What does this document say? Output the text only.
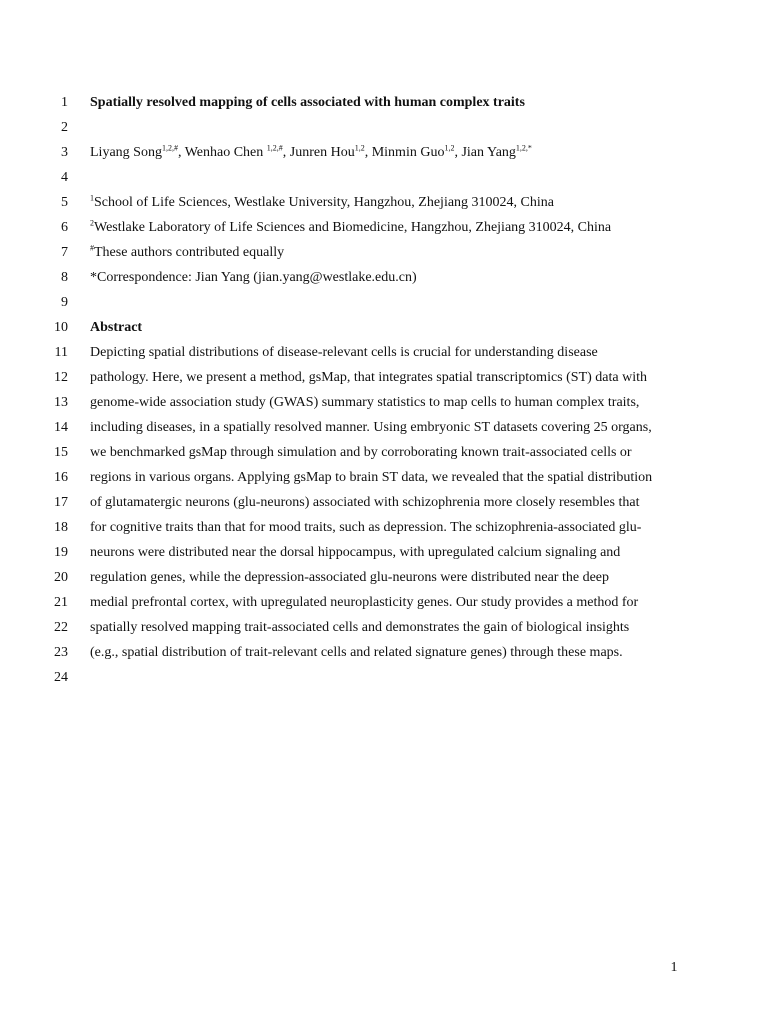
1
2
3
4
5
6
7
8
9
10
11
12
13
14
15
16
17
18
19
20
21
22
23
24
Spatially resolved mapping of cells associated with human complex traits
Liyang Song$^{1,2,\#}$, Wenhao Chen $^{1,2,\#}$, Junren Hou$^{1,2}$, Minmin Guo$^{1,2}$, Jian Yang$^{1,2,*}$
$^1$School of Life Sciences, Westlake University, Hangzhou, Zhejiang 310024, China
$^2$Westlake Laboratory of Life Sciences and Biomedicine, Hangzhou, Zhejiang 310024, China
#These authors contributed equally
*Correspondence: Jian Yang (jian.yang@westlake.edu.cn)
Abstract
Depicting spatial distributions of disease-relevant cells is crucial for understanding disease
pathology. Here, we present a method, gsMap, that integrates spatial transcriptomics (ST) data with
genome-wide association study (GWAS) summary statistics to map cells to human complex traits,
including diseases, in a spatially resolved manner. Using embryonic ST datasets covering 25 organs,
we benchmarked gsMap through simulation and by corroborating known trait-associated cells or
regions in various organs. Applying gsMap to brain ST data, we revealed that the spatial distribution
of glutamatergic neurons (glu-neurons) associated with schizophrenia more closely resembles that
for cognitive traits than that for mood traits, such as depression. The schizophrenia-associated glu-
neurons were distributed near the dorsal hippocampus, with upregulated calcium signaling and
regulation genes, while the depression-associated glu-neurons were distributed near the deep
medial prefrontal cortex, with upregulated neuroplasticity genes. Our study provides a method for
spatially resolved mapping trait-associated cells and demonstrates the gain of biological insights
(e.g., spatial distribution of trait-relevant cells and related signature genes) through these maps.
1
